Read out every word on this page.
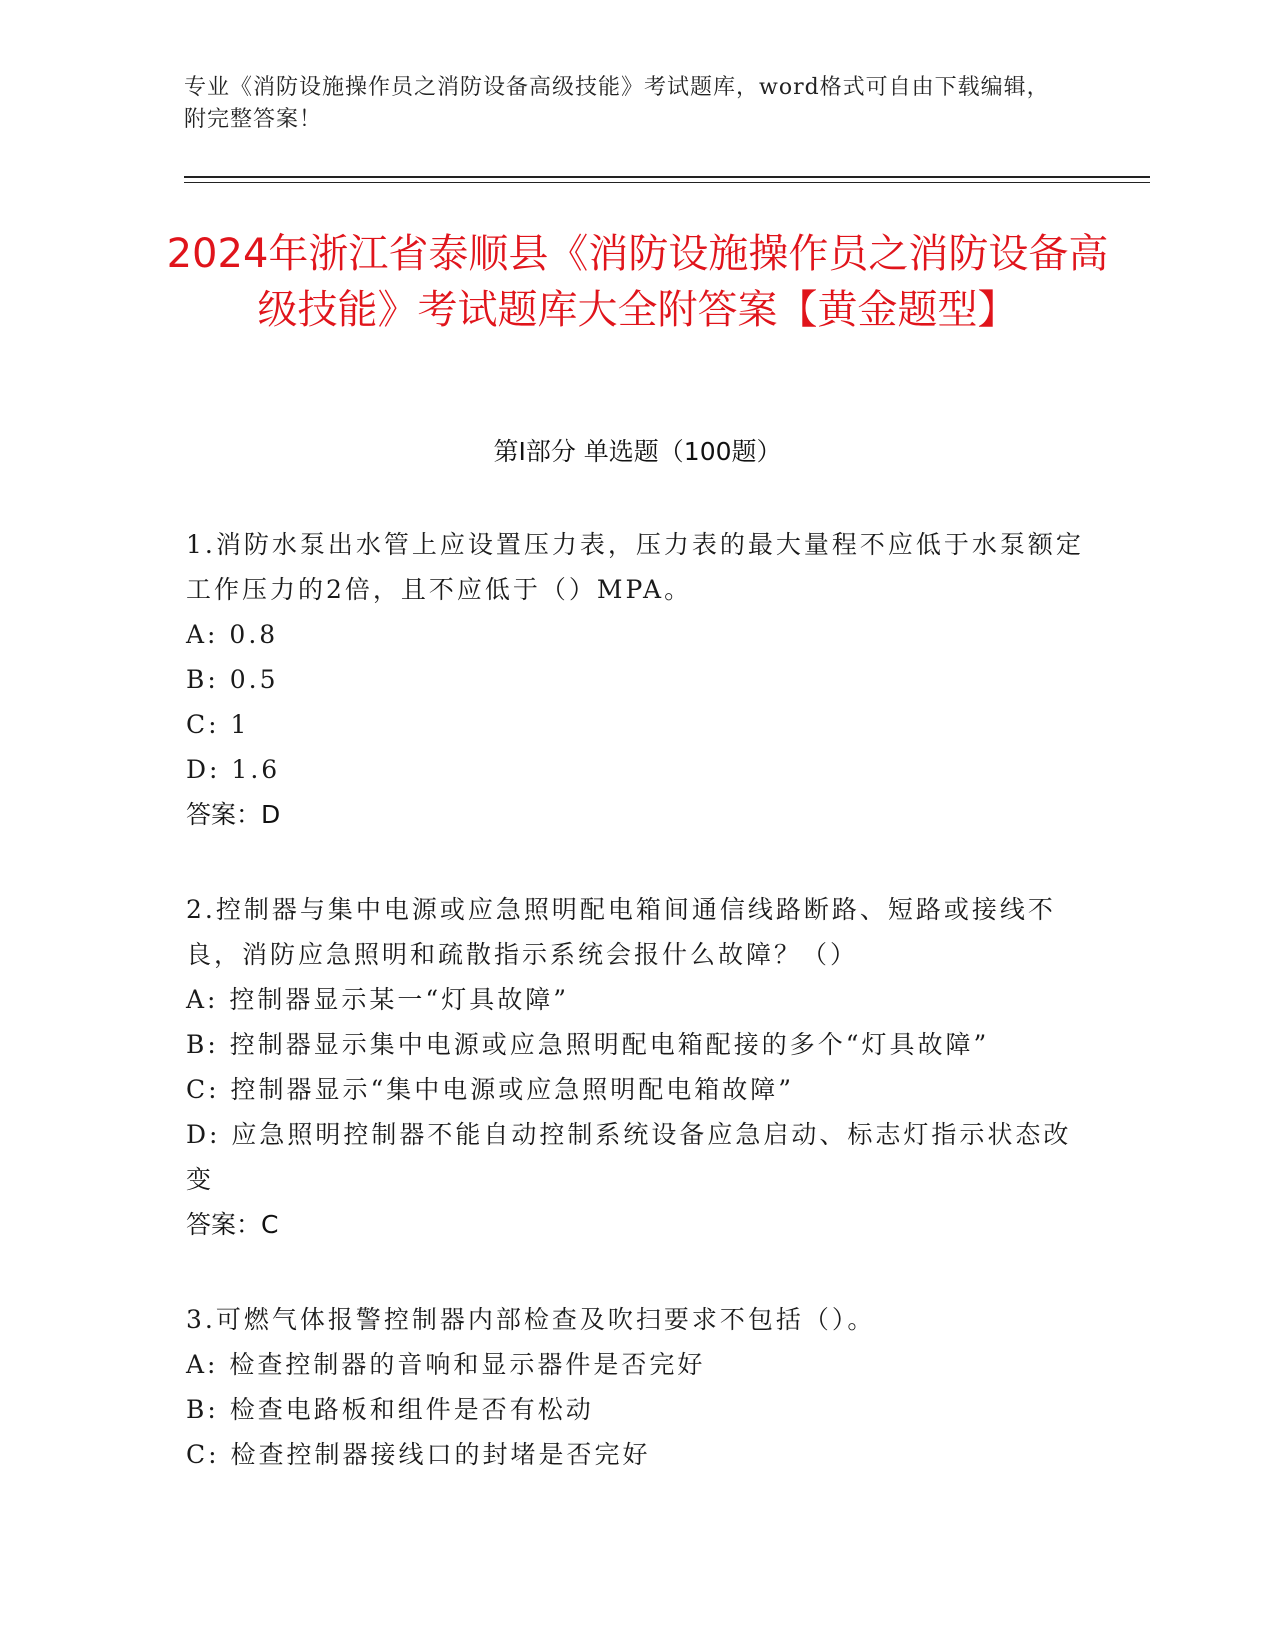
专业《消防设施操作员之消防设备高级技能》考试题库，word格式可自由下载编辑，附完整答案！
2024年浙江省泰顺县《消防设施操作员之消防设备高级技能》考试题库大全附答案【黄金题型】
第Ⅰ部分 单选题（100题）
1.消防水泵出水管上应设置压力表，压力表的最大量程不应低于水泵额定工作压力的2倍，且不应低于（）MPA。
A: 0.8
B: 0.5
C: 1
D: 1.6
答案：D
2.控制器与集中电源或应急照明配电箱间通信线路断路、短路或接线不良，消防应急照明和疏散指示系统会报什么故障？（）
A: 控制器显示某一“灯具故障”
B: 控制器显示集中电源或应急照明配电箱配接的多个“灯具故障”
C: 控制器显示“集中电源或应急照明配电箱故障”
D: 应急照明控制器不能自动控制系统设备应急启动、标志灯指示状态改变
答案：C
3.可燃气体报警控制器内部检查及吹扫要求不包括（）。
A: 检查控制器的音响和显示器件是否完好
B: 检查电路板和组件是否有松动
C: 检查控制器接线口的封堵是否完好
